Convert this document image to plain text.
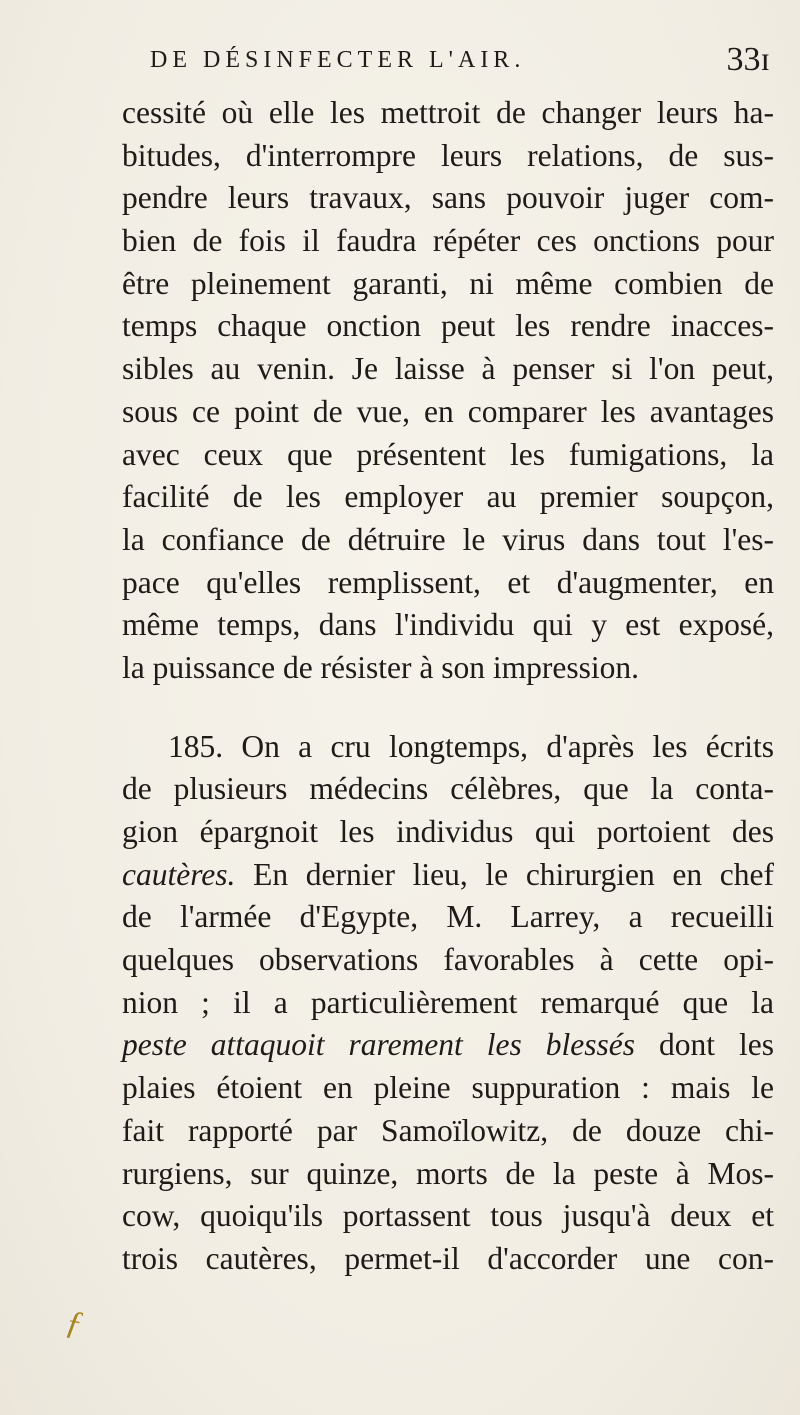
DE DÉSINFECTER L'AIR.	33ɪ
cessité où elle les mettroit de changer leurs ha-
bitudes, d'interrompre leurs relations, de sus-
pendre leurs travaux, sans pouvoir juger com-
bien de fois il faudra répéter ces onctions pour
être pleinement garanti, ni même combien de
temps chaque onction peut les rendre inacces-
sibles au venin. Je laisse à penser si l'on peut,
sous ce point de vue, en comparer les avantages
avec ceux que présentent les fumigations, la
facilité de les employer au premier soupçon,
la confiance de détruire le virus dans tout l'es-
pace qu'elles remplissent, et d'augmenter, en
même temps, dans l'individu qui y est exposé,
la puissance de résister à son impression.
185. On a cru longtemps, d'après les écrits
de plusieurs médecins célèbres, que la conta-
gion épargnoit les individus qui portoient des
cautères. En dernier lieu, le chirurgien en chef
de l'armée d'Egypte, M. Larrey, a recueilli
quelques observations favorables à cette opi-
nion ; il a particulièrement remarqué que la
peste attaquoit rarement les blessés dont les
plaies étoient en pleine suppuration : mais le
fait rapporté par Samoïlowitz, de douze chi-
rurgiens, sur quinze, morts de la peste à Mos-
cow, quoiqu'ils portassent tous jusqu'à deux et
trois cautères, permet-il d'accorder une con-
ƒ
